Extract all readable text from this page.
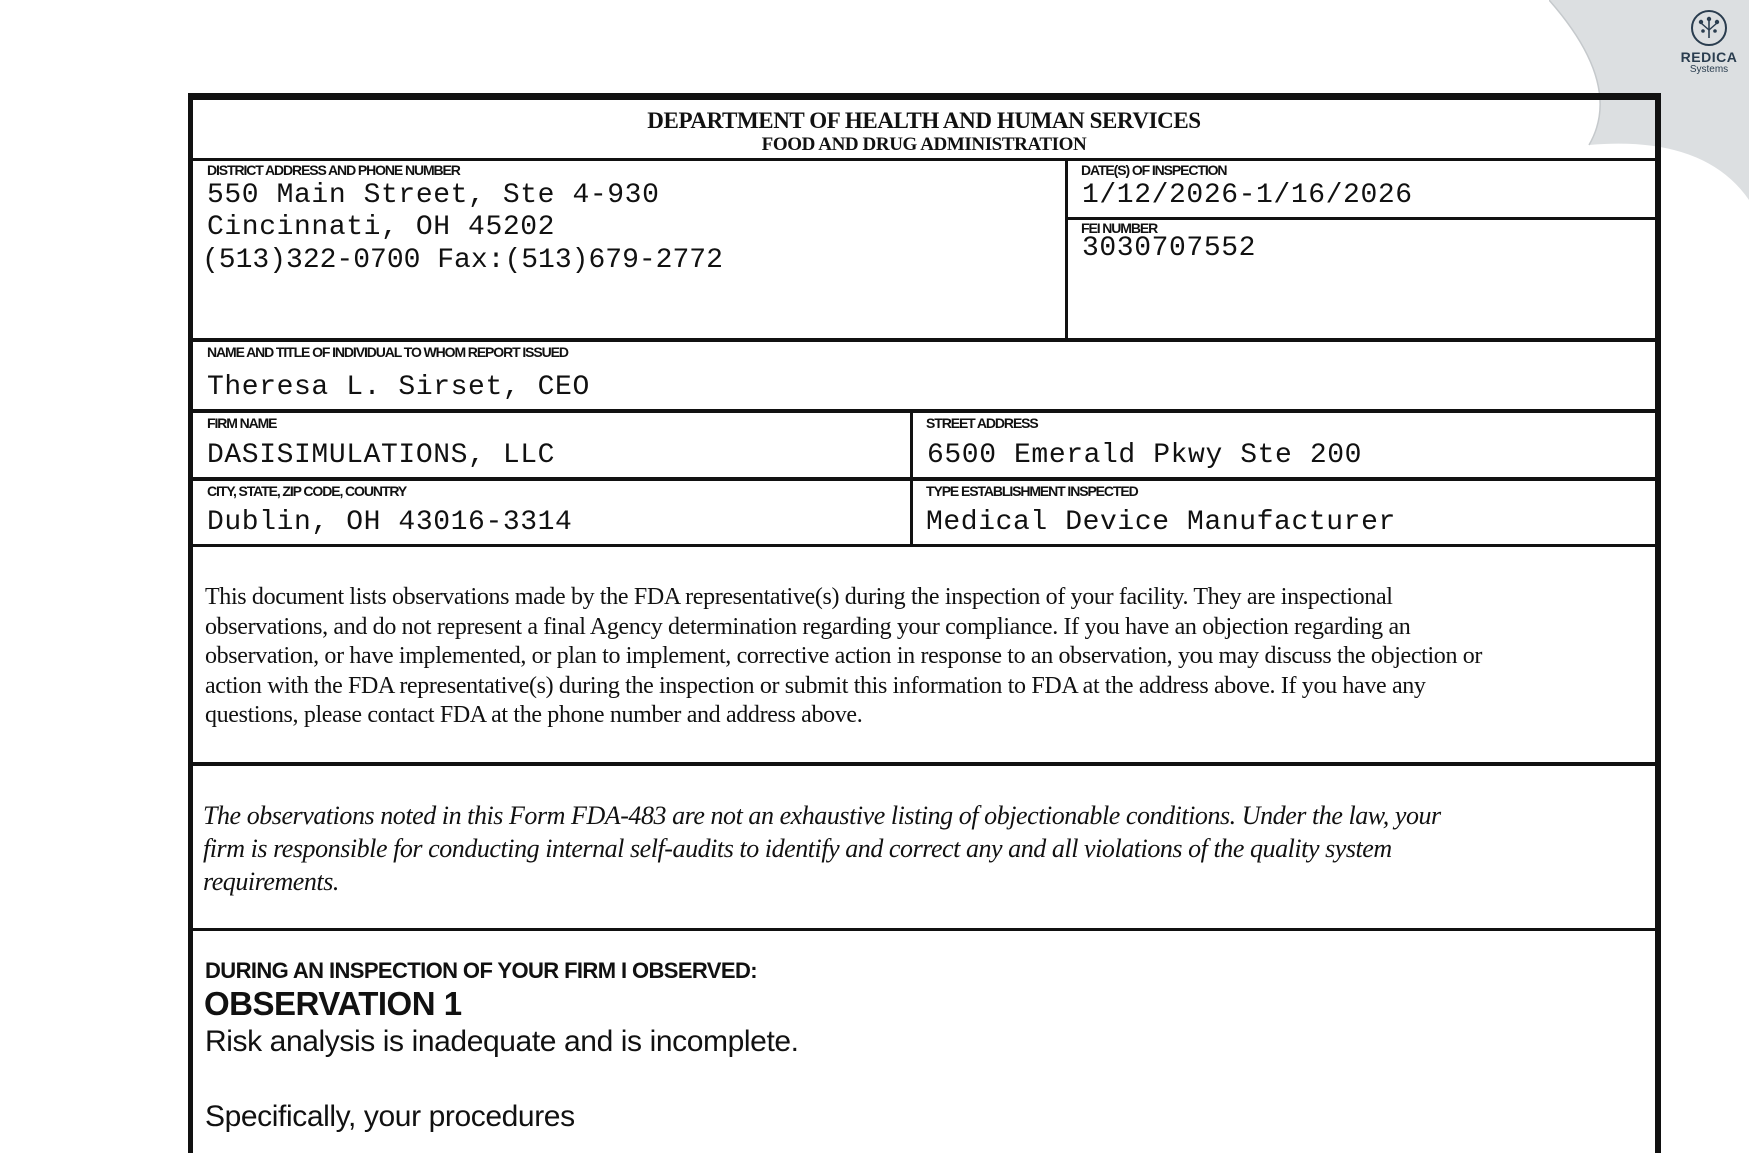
REDICA
Systems
DEPARTMENT OF HEALTH AND HUMAN SERVICES
FOOD AND DRUG ADMINISTRATION
DISTRICT ADDRESS AND PHONE NUMBER
550 Main Street, Ste 4-930
Cincinnati, OH 45202
(513)322-0700 Fax:(513)679-2772
DATE(S) OF INSPECTION
1/12/2026-1/16/2026
FEI NUMBER
3030707552
NAME AND TITLE OF INDIVIDUAL TO WHOM REPORT ISSUED
Theresa L. Sirset, CEO
FIRM NAME
DASISIMULATIONS, LLC
STREET ADDRESS
6500 Emerald Pkwy Ste 200
CITY, STATE, ZIP CODE, COUNTRY
Dublin, OH 43016-3314
TYPE ESTABLISHMENT INSPECTED
Medical Device Manufacturer
This document lists observations made by the FDA representative(s) during the inspection of your facility. They are inspectional
observations, and do not represent a final Agency determination regarding your compliance. If you have an objection regarding an
observation, or have implemented, or plan to implement, corrective action in response to an observation, you may discuss the objection or
action with the FDA representative(s) during the inspection or submit this information to FDA at the address above. If you have any
questions, please contact FDA at the phone number and address above.
The observations noted in this Form FDA-483 are not an exhaustive listing of objectionable conditions. Under the law, your
firm is responsible for conducting internal self-audits to identify and correct any and all violations of the quality system
requirements.
DURING AN INSPECTION OF YOUR FIRM I OBSERVED:
OBSERVATION 1
Risk analysis is inadequate and is incomplete.
Specifically, your procedures
